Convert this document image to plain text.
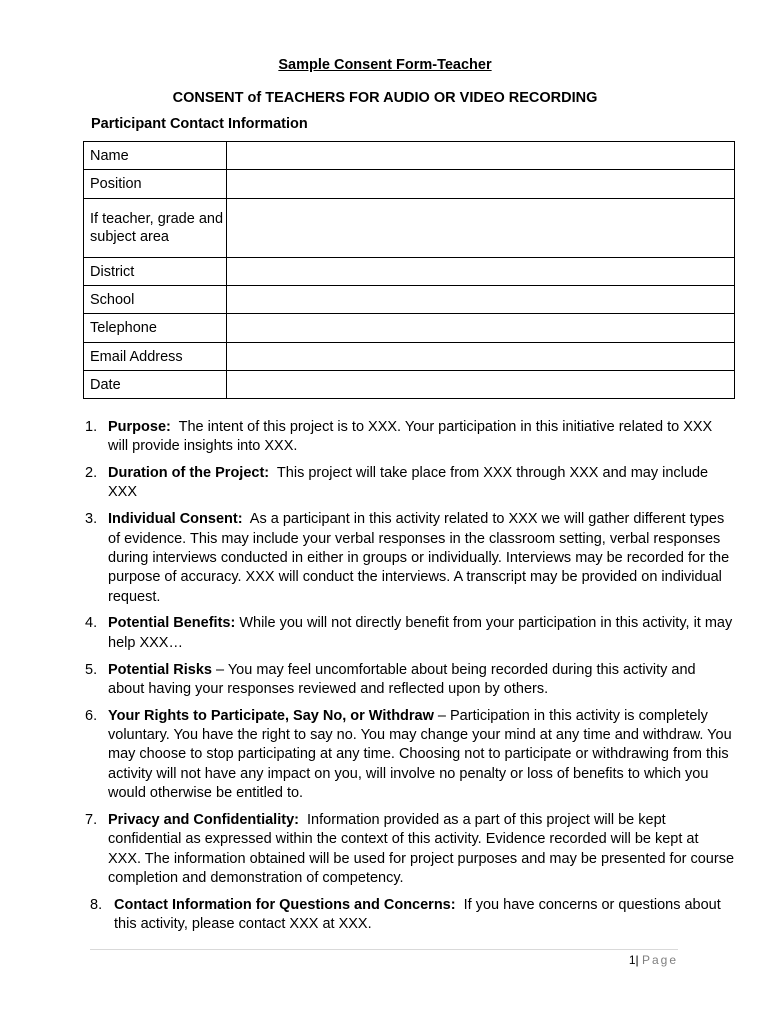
Sample Consent Form-Teacher
CONSENT of TEACHERS FOR AUDIO OR VIDEO RECORDING
Participant Contact Information
Name	
Position	
If teacher, grade and subject area	
District	
School	
Telephone	
Email Address	
Date	
1. Purpose: The intent of this project is to XXX. Your participation in this initiative related to XXX will provide insights into XXX.
2. Duration of the Project: This project will take place from XXX through XXX and may include XXX
3. Individual Consent: As a participant in this activity related to XXX we will gather different types of evidence. This may include your verbal responses in the classroom setting, verbal responses during interviews conducted in either in groups or individually. Interviews may be recorded for the purpose of accuracy. XXX will conduct the interviews. A transcript may be provided on individual request.
4. Potential Benefits: While you will not directly benefit from your participation in this activity, it may help XXX…
5. Potential Risks – You may feel uncomfortable about being recorded during this activity and about having your responses reviewed and reflected upon by others.
6. Your Rights to Participate, Say No, or Withdraw – Participation in this activity is completely voluntary. You have the right to say no. You may change your mind at any time and withdraw. You may choose to stop participating at any time. Choosing not to participate or withdrawing from this activity will not have any impact on you, will involve no penalty or loss of benefits to which you would otherwise be entitled to.
7. Privacy and Confidentiality: Information provided as a part of this project will be kept confidential as expressed within the context of this activity. Evidence recorded will be kept at XXX. The information obtained will be used for project purposes and may be presented for course completion and demonstration of competency.
8. Contact Information for Questions and Concerns: If you have concerns or questions about this activity, please contact XXX at XXX.
1| Page
